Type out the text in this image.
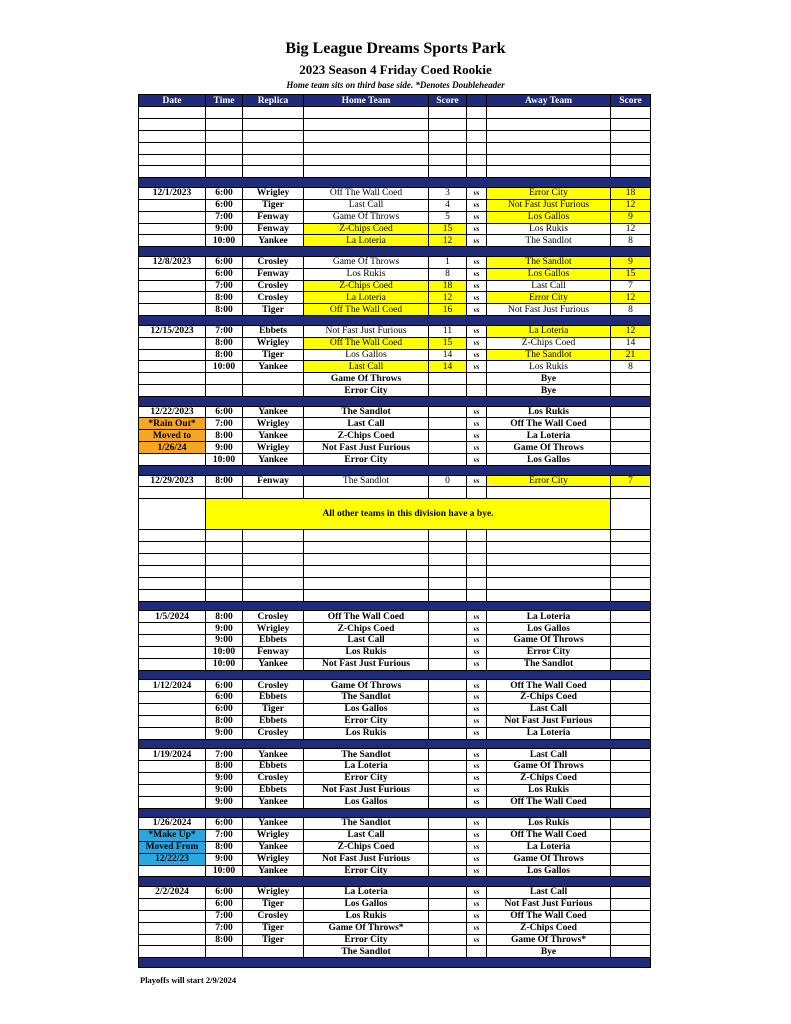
Big League Dreams Sports Park
2023 Season 4 Friday Coed Rookie
Home team sits on third base side. *Denotes Doubleheader
Date	Time	Replica	Home Team	Score		Away Team	Score

12/1/2023	6:00	Wrigley	Off The Wall Coed	3	vs	Error City	18
	6:00	Tiger	Last Call	4	vs	Not Fast Just Furious	12
	7:00	Fenway	Game Of Throws	5	vs	Los Gallos	9
	9:00	Fenway	Z-Chips Coed	15	vs	Los Rukis	12
	10:00	Yankee	La Loteria	12	vs	The Sandlot	8

12/8/2023	6:00	Crosley	Game Of Throws	1	vs	The Sandlot	9
	6:00	Fenway	Los Rukis	8	vs	Los Gallos	15
	7:00	Crosley	Z-Chips Coed	18	vs	Last Call	7
	8:00	Crosley	La Loteria	12	vs	Error City	12
	8:00	Tiger	Off The Wall Coed	16	vs	Not Fast Just Furious	8

12/15/2023	7:00	Ebbets	Not Fast Just Furious	11	vs	La Loteria	12
	8:00	Wrigley	Off The Wall Coed	15	vs	Z-Chips Coed	14
	8:00	Tiger	Los Gallos	14	vs	The Sandlot	21
	10:00	Yankee	Last Call	14	vs	Los Rukis	8
			Game Of Throws			Bye	
			Error City			Bye	

12/22/2023	6:00	Yankee	The Sandlot		vs	Los Rukis	
*Rain Out*	7:00	Wrigley	Last Call		vs	Off The Wall Coed	
Moved to	8:00	Yankee	Z-Chips Coed		vs	La Loteria	
1/26/24	9:00	Wrigley	Not Fast Just Furious		vs	Game Of Throws	
	10:00	Yankee	Error City		vs	Los Gallos	

12/29/2023	8:00	Fenway	The Sandlot	0	vs	Error City	7

	All other teams in this division have a bye.						

1/5/2024	8:00	Crosley	Off The Wall Coed		vs	La Loteria	
	9:00	Wrigley	Z-Chips Coed		vs	Los Gallos	
	9:00	Ebbets	Last Call		vs	Game Of Throws	
	10:00	Fenway	Los Rukis		vs	Error City	
	10:00	Yankee	Not Fast Just Furious		vs	The Sandlot	

1/12/2024	6:00	Crosley	Game Of Throws		vs	Off The Wall Coed	
	6:00	Ebbets	The Sandlot		vs	Z-Chips Coed	
	6:00	Tiger	Los Gallos		vs	Last Call	
	8:00	Ebbets	Error City		vs	Not Fast Just Furious	
	9:00	Crosley	Los Rukis		vs	La Loteria	

1/19/2024	7:00	Yankee	The Sandlot		vs	Last Call	
	8:00	Ebbets	La Loteria		vs	Game Of Throws	
	9:00	Crosley	Error City		vs	Z-Chips Coed	
	9:00	Ebbets	Not Fast Just Furious		vs	Los Rukis	
	9:00	Yankee	Los Gallos		vs	Off The Wall Coed	

1/26/2024	6:00	Yankee	The Sandlot		vs	Los Rukis	
*Make Up*	7:00	Wrigley	Last Call		vs	Off The Wall Coed	
Moved From	8:00	Yankee	Z-Chips Coed		vs	La Loteria	
12/22/23	9:00	Wrigley	Not Fast Just Furious		vs	Game Of Throws	
	10:00	Yankee	Error City		vs	Los Gallos	

2/2/2024	6:00	Wrigley	La Loteria		vs	Last Call	
	6:00	Tiger	Los Gallos		vs	Not Fast Just Furious	
	7:00	Crosley	Los Rukis		vs	Off The Wall Coed	
	7:00	Tiger	Game Of Throws*		vs	Z-Chips Coed	
	8:00	Tiger	Error City		vs	Game Of Throws*	
			The Sandlot			Bye	

Playoffs will start 2/9/2024
